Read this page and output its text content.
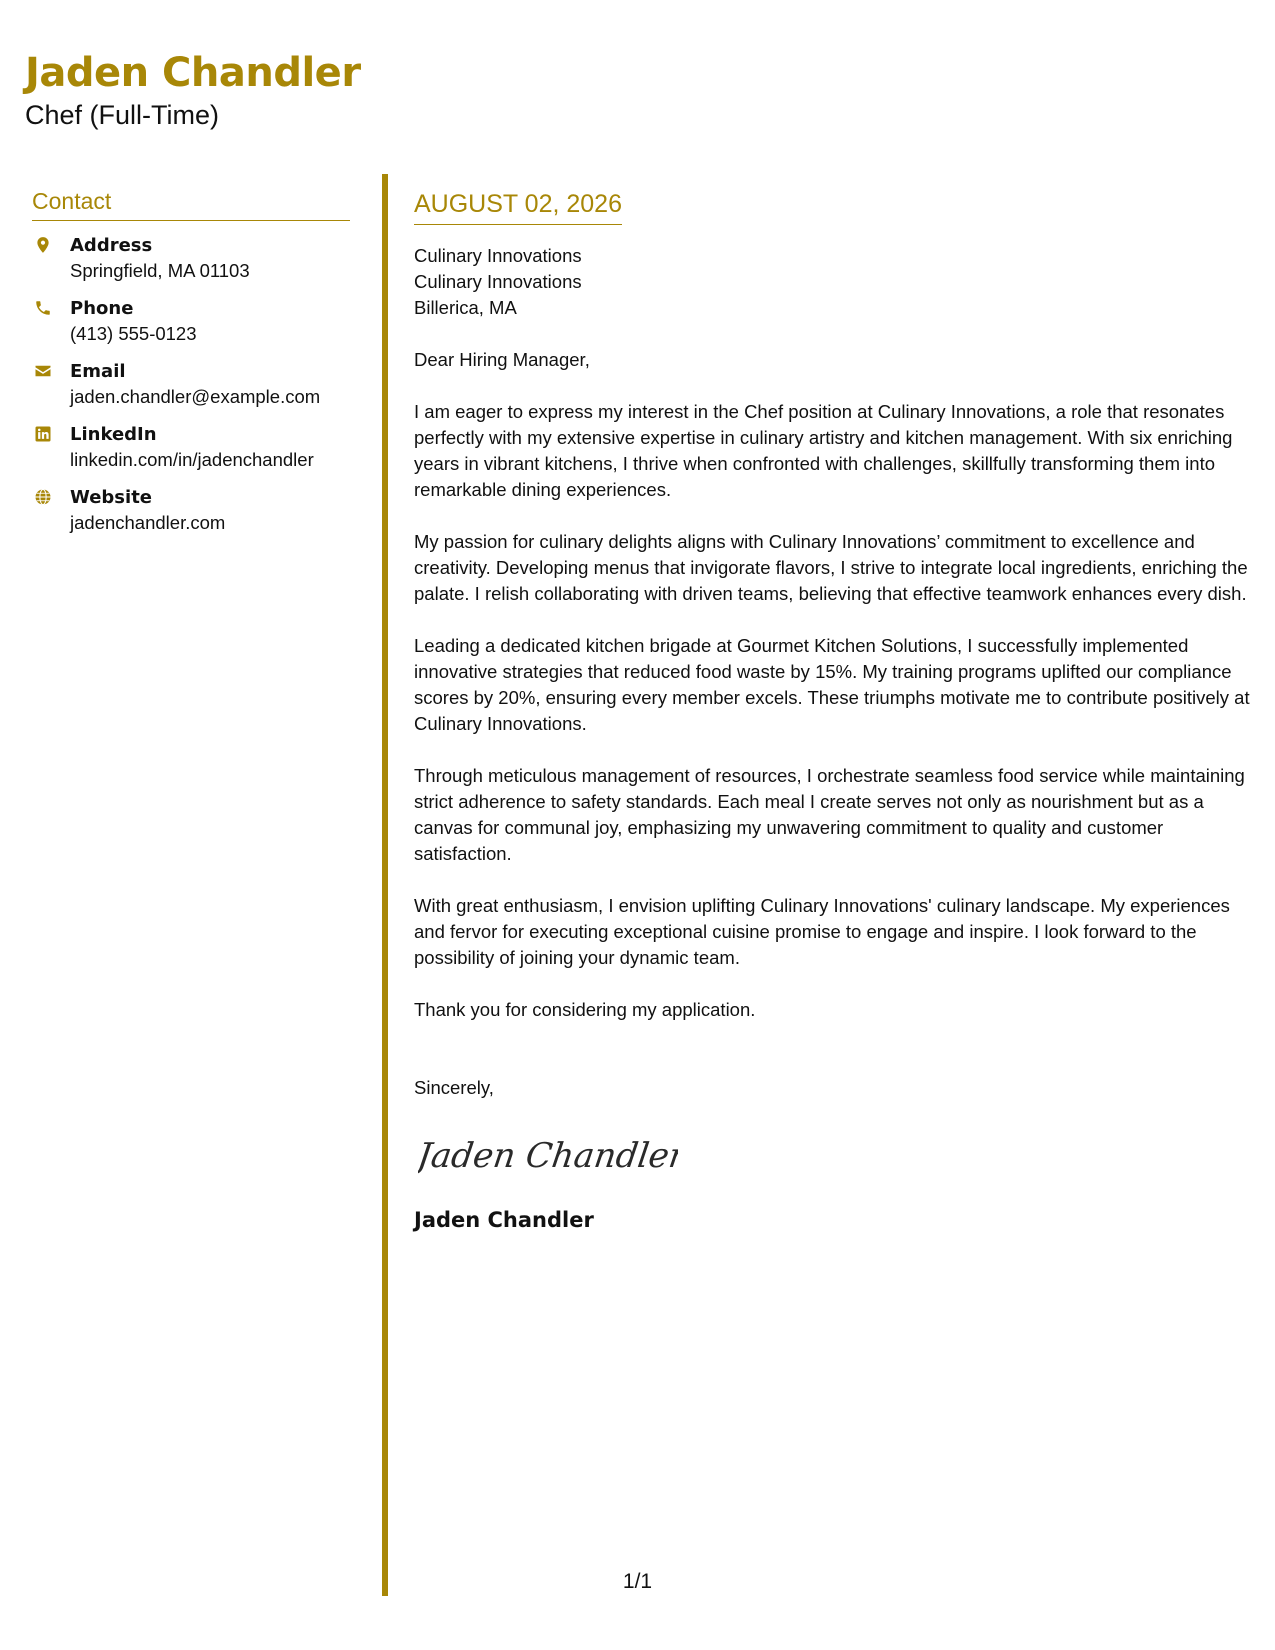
Jaden Chandler
Chef (Full-Time)
Contact
Address
Springfield, MA 01103
Phone
(413) 555-0123
Email
jaden.chandler@example.com
LinkedIn
linkedin.com/in/jadenchandler
Website
jadenchandler.com
AUGUST 02, 2026
Culinary Innovations
Culinary Innovations
Billerica, MA

Dear Hiring Manager,

I am eager to express my interest in the Chef position at Culinary Innovations, a role that resonates perfectly with my extensive expertise in culinary artistry and kitchen management. With six enriching years in vibrant kitchens, I thrive when confronted with challenges, skillfully transforming them into remarkable dining experiences.

My passion for culinary delights aligns with Culinary Innovations’ commitment to excellence and creativity. Developing menus that invigorate flavors, I strive to integrate local ingredients, enriching the palate. I relish collaborating with driven teams, believing that effective teamwork enhances every dish.

Leading a dedicated kitchen brigade at Gourmet Kitchen Solutions, I successfully implemented innovative strategies that reduced food waste by 15%. My training programs uplifted our compliance scores by 20%, ensuring every member excels. These triumphs motivate me to contribute positively at Culinary Innovations.

Through meticulous management of resources, I orchestrate seamless food service while maintaining strict adherence to safety standards. Each meal I create serves not only as nourishment but as a canvas for communal joy, emphasizing my unwavering commitment to quality and customer satisfaction.

With great enthusiasm, I envision uplifting Culinary Innovations' culinary landscape. My experiences and fervor for executing exceptional cuisine promise to engage and inspire. I look forward to the possibility of joining your dynamic team.

Thank you for considering my application.

Sincerely,
Jaden Chandler
Jaden Chandler
1/1
